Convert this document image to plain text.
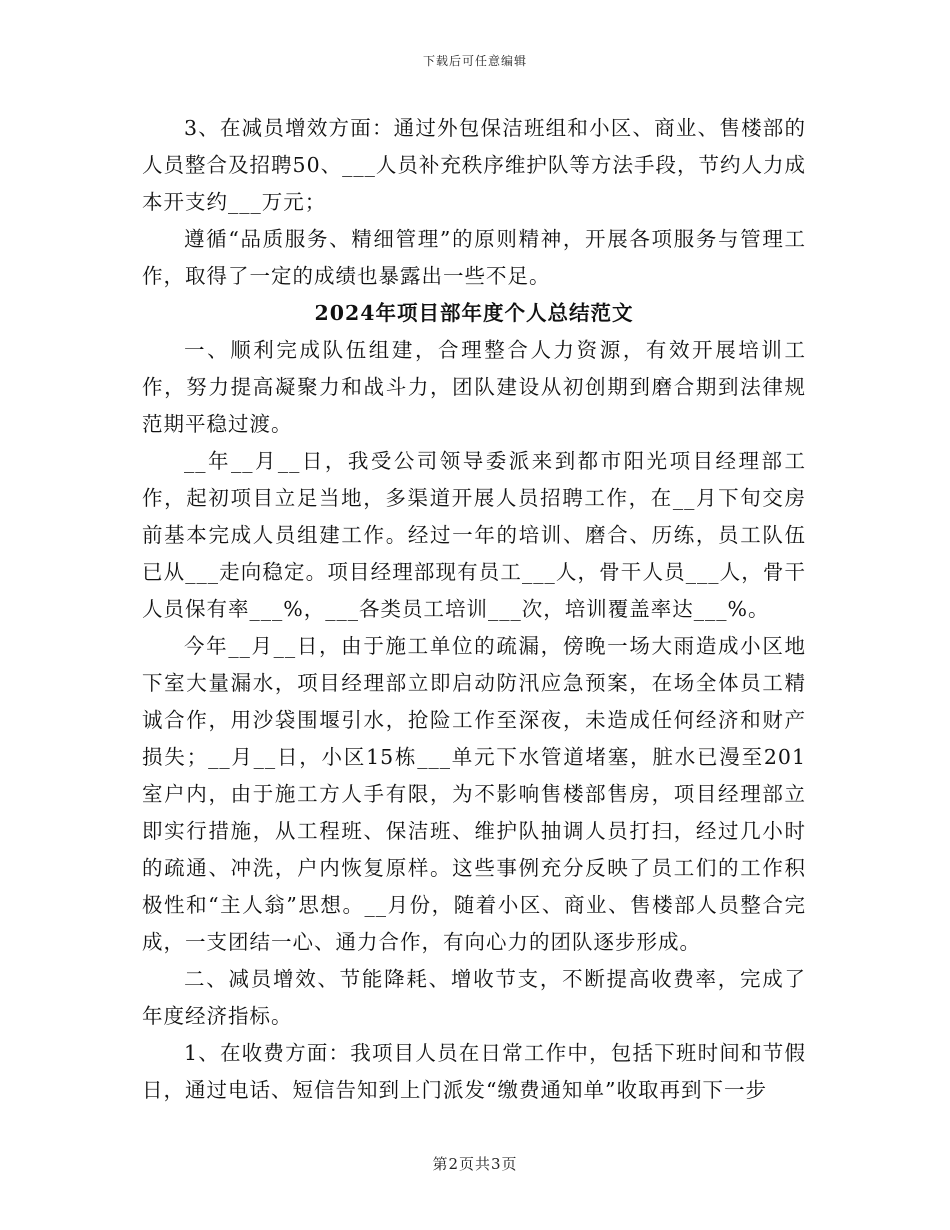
下载后可任意编辑

3、在减员增效方面：通过外包保洁班组和小区、商业、售楼部的人员整合及招聘50、___人员补充秩序维护队等方法手段，节约人力成本开支约___万元；

遵循“品质服务、精细管理”的原则精神，开展各项服务与管理工作，取得了一定的成绩也暴露出一些不足。

2024年项目部年度个人总结范文

一、顺利完成队伍组建，合理整合人力资源，有效开展培训工作，努力提高凝聚力和战斗力，团队建设从初创期到磨合期到法律规范期平稳过渡。

__年__月__日，我受公司领导委派来到都市阳光项目经理部工作，起初项目立足当地，多渠道开展人员招聘工作，在__月下旬交房前基本完成人员组建工作。经过一年的培训、磨合、历练，员工队伍已从___走向稳定。项目经理部现有员工___人，骨干人员___人，骨干人员保有率___%，___各类员工培训___次，培训覆盖率达___%。

今年__月__日，由于施工单位的疏漏，傍晚一场大雨造成小区地下室大量漏水，项目经理部立即启动防汛应急预案，在场全体员工精诚合作，用沙袋围堰引水，抢险工作至深夜，未造成任何经济和财产损失；__月__日，小区15栋___单元下水管道堵塞，脏水已漫至201室户内，由于施工方人手有限，为不影响售楼部售房，项目经理部立即实行措施，从工程班、保洁班、维护队抽调人员打扫，经过几小时的疏通、冲洗，户内恢复原样。这些事例充分反映了员工们的工作积极性和“主人翁”思想。__月份，随着小区、商业、售楼部人员整合完成，一支团结一心、通力合作，有向心力的团队逐步形成。

二、减员增效、节能降耗、增收节支，不断提高收费率，完成了年度经济指标。

1、在收费方面：我项目人员在日常工作中，包括下班时间和节假日，通过电话、短信告知到上门派发“缴费通知单”收取再到下一步

第2页共3页
